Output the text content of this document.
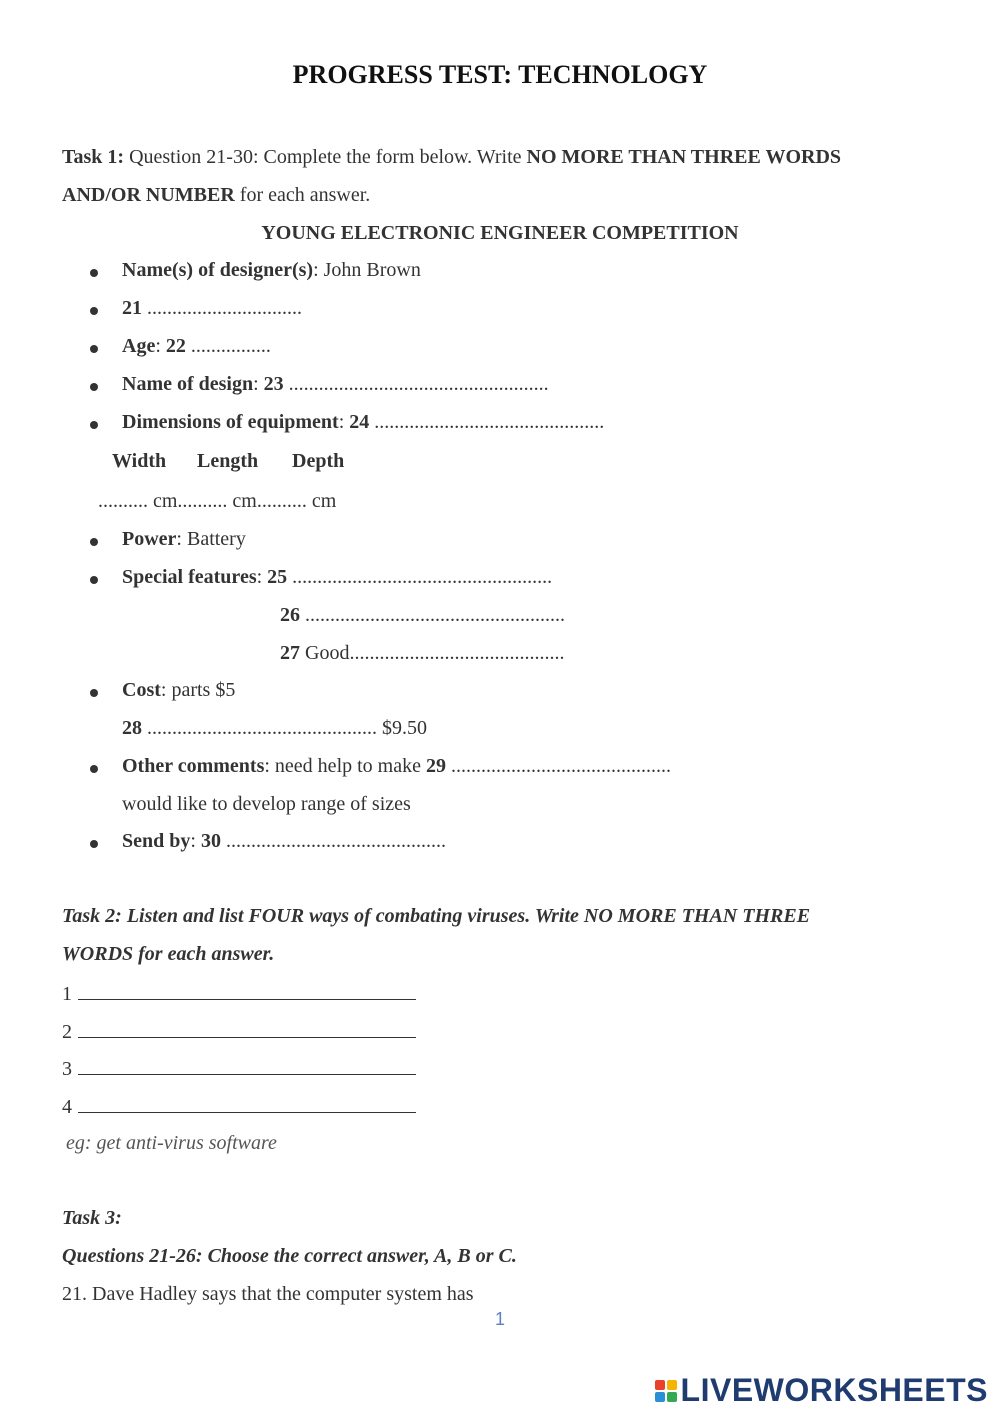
PROGRESS TEST: TECHNOLOGY
Task 1: Question 21-30: Complete the form below. Write NO MORE THAN THREE WORDS
AND/OR NUMBER for each answer.
YOUNG ELECTRONIC ENGINEER COMPETITION
Name(s) of designer(s): John Brown
21 ...............................
Age: 22 ................
Name of design: 23 ....................................................
Dimensions of equipment: 24 ..............................................
Width Length Depth
.......... cm.......... cm.......... cm
Power: Battery
Special features: 25 ....................................................
26 ....................................................
27 Good...........................................
Cost: parts $5
28 .............................................. $9.50
Other comments: need help to make 29 ............................................
would like to develop range of sizes
Send by: 30 ............................................
Task 2: Listen and list FOUR ways of combating viruses. Write NO MORE THAN THREE
WORDS for each answer.
1
2
3
4
eg: get anti-virus software
Task 3:
Questions 21-26: Choose the correct answer, A, B or C.
21. Dave Hadley says that the computer system has
1
LIVEWORKSHEETS
